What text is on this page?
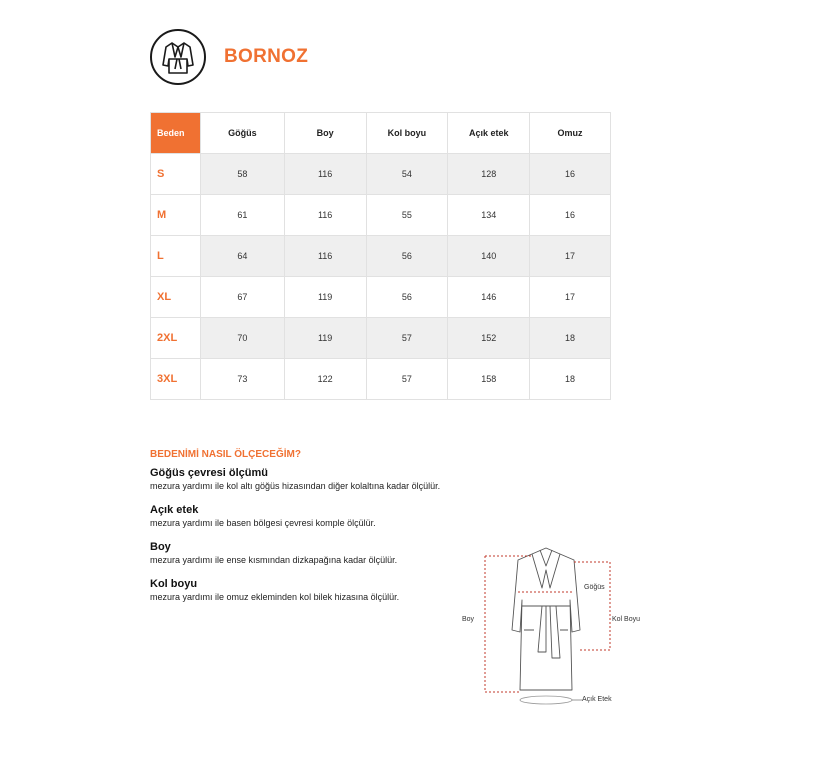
BORNOZ
Beden	Göğüs	Boy	Kol boyu	Açık etek	Omuz
S	58	116	54	128	16
M	61	116	55	134	16
L	64	116	56	140	17
XL	67	119	56	146	17
2XL	70	119	57	152	18
3XL	73	122	57	158	18
BEDENİMİ NASIL ÖLÇECEĞİM?
Göğüs çevresi ölçümü
mezura yardımı ile kol altı göğüs hizasından diğer kolaltına kadar ölçülür.
Açık etek
mezura yardımı ile basen bölgesi çevresi komple ölçülür.
Boy
mezura yardımı ile ense kısmından dizkapağına kadar ölçülür.
Kol boyu
mezura yardımı ile omuz ekleminden kol bilek hizasına ölçülür.
Boy
Göğüs
Kol Boyu
Açık Etek
